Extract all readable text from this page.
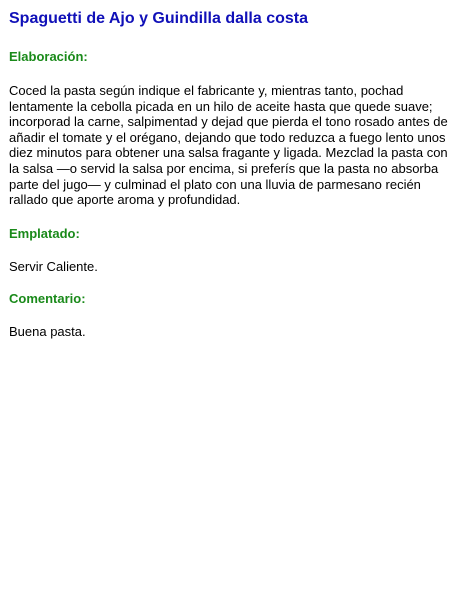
Spaguetti de Ajo y Guindilla dalla costa
Elaboración:

Coced la pasta según indique el fabricante y, mientras tanto, pochad lentamente la cebolla picada en un hilo de aceite hasta que quede suave; incorporad la carne, salpimentad y dejad que pierda el tono rosado antes de añadir el tomate y el orégano, dejando que todo reduzca a fuego lento unos diez minutos para obtener una salsa fragante y ligada. Mezclad la pasta con la salsa —o servid la salsa por encima, si preferís que la pasta no absorba parte del jugo— y culminad el plato con una lluvia de parmesano recién rallado que aporte aroma y profundidad.

Emplatado:

Servir Caliente.

Comentario:

Buena pasta.
